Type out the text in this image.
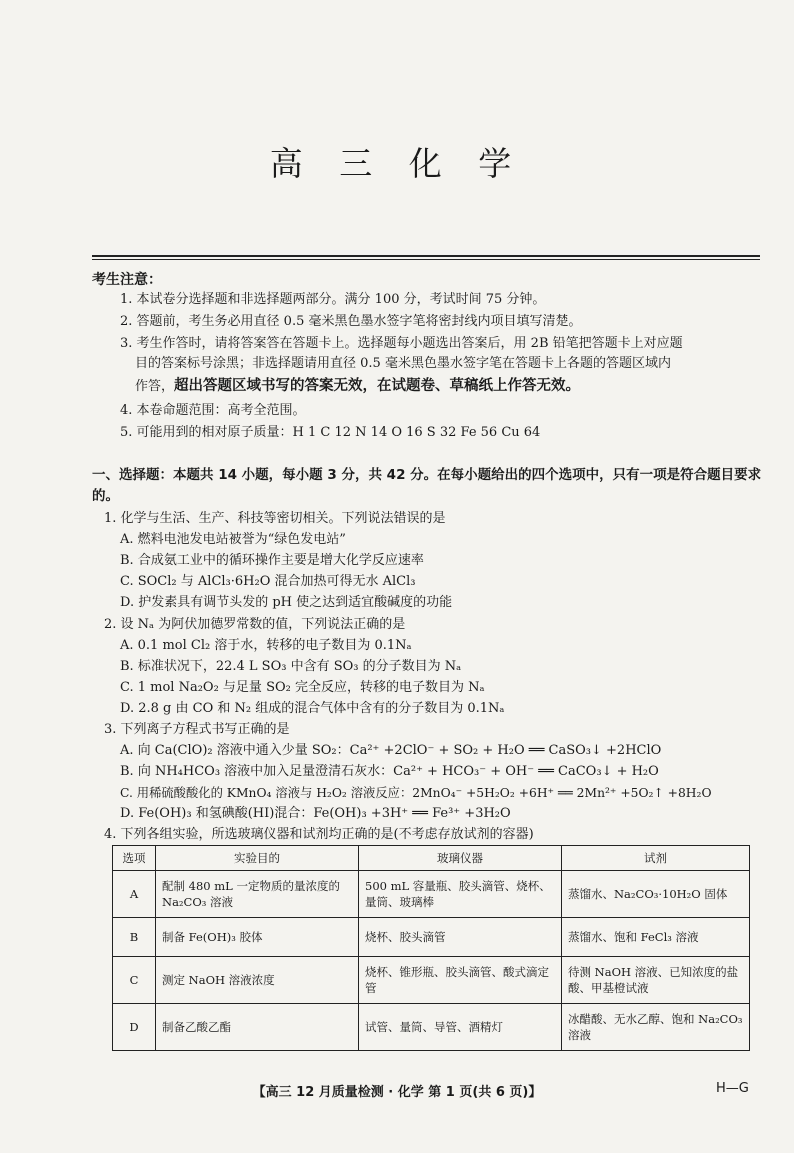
高 三 化 学
考生注意：
1. 本试卷分选择题和非选择题两部分。满分 100 分，考试时间 75 分钟。
2. 答题前，考生务必用直径 0.5 毫米黑色墨水签字笔将密封线内项目填写清楚。
3. 考生作答时，请将答案答在答题卡上。选择题每小题选出答案后，用 2B 铅笔把答题卡上对应题
目的答案标号涂黑；非选择题请用直径 0.5 毫米黑色墨水签字笔在答题卡上各题的答题区域内
作答，超出答题区域书写的答案无效，在试题卷、草稿纸上作答无效。
4. 本卷命题范围：高考全范围。
5. 可能用到的相对原子质量：H 1 C 12 N 14 O 16 S 32 Fe 56 Cu 64
一、选择题：本题共 14 小题，每小题 3 分，共 42 分。在每小题给出的四个选项中，只有一项是符合题目要求的。
1. 化学与生活、生产、科技等密切相关。下列说法错误的是
A. 燃料电池发电站被誉为“绿色发电站”
B. 合成氨工业中的循环操作主要是增大化学反应速率
C. SOCl₂ 与 AlCl₃·6H₂O 混合加热可得无水 AlCl₃
D. 护发素具有调节头发的 pH 使之达到适宜酸碱度的功能
2. 设 Nₐ 为阿伏加德罗常数的值，下列说法正确的是
A. 0.1 mol Cl₂ 溶于水，转移的电子数目为 0.1Nₐ
B. 标准状况下，22.4 L SO₃ 中含有 SO₃ 的分子数目为 Nₐ
C. 1 mol Na₂O₂ 与足量 SO₂ 完全反应，转移的电子数目为 Nₐ
D. 2.8 g 由 CO 和 N₂ 组成的混合气体中含有的分子数目为 0.1Nₐ
3. 下列离子方程式书写正确的是
A. 向 Ca(ClO)₂ 溶液中通入少量 SO₂：Ca²⁺ +2ClO⁻ + SO₂ + H₂O ══ CaSO₃↓ +2HClO
B. 向 NH₄HCO₃ 溶液中加入足量澄清石灰水：Ca²⁺ + HCO₃⁻ + OH⁻ ══ CaCO₃↓ + H₂O
C. 用稀硫酸酸化的 KMnO₄ 溶液与 H₂O₂ 溶液反应：2MnO₄⁻ +5H₂O₂ +6H⁺ ══ 2Mn²⁺ +5O₂↑ +8H₂O
D. Fe(OH)₃ 和氢碘酸(HI)混合：Fe(OH)₃ +3H⁺ ══ Fe³⁺ +3H₂O
4. 下列各组实验，所选玻璃仪器和试剂均正确的是(不考虑存放试剂的容器)
选项	实验目的	玻璃仪器	试剂
A	配制 480 mL 一定物质的量浓度的 Na₂CO₃ 溶液	500 mL 容量瓶、胶头滴管、烧杯、量筒、玻璃棒	蒸馏水、Na₂CO₃·10H₂O 固体
B	制备 Fe(OH)₃ 胶体	烧杯、胶头滴管	蒸馏水、饱和 FeCl₃ 溶液
C	测定 NaOH 溶液浓度	烧杯、锥形瓶、胶头滴管、酸式滴定管	待测 NaOH 溶液、已知浓度的盐酸、甲基橙试液
D	制备乙酸乙酯	试管、量筒、导管、酒精灯	冰醋酸、无水乙醇、饱和 Na₂CO₃ 溶液
【高三 12 月质量检测 · 化学 第 1 页(共 6 页)】	H—G
